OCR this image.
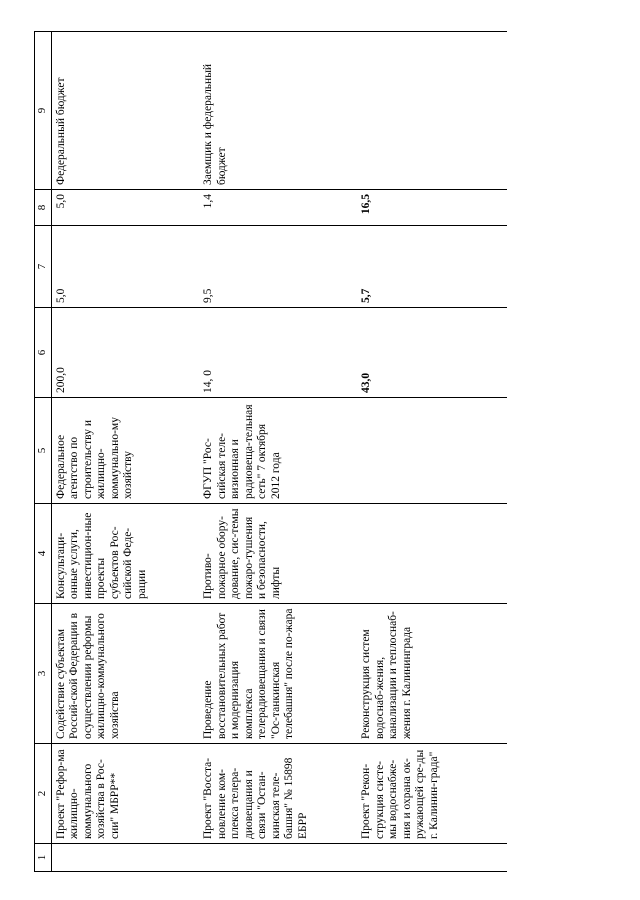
1	2	3	4	5	6	7	8	9
	Проект "Рефор-ма жилищно-коммунального хозяйства в Рос-сии" МБРР**	Содействие субъектам Россий-ской Федерации в осуществлении реформы жилищно-коммунального хозяйства	Консультаци-онные услуги, инвестицион-ные проекты субъектов Рос-сийской Феде-рации	Федеральное агентство по строительству и жилищно-коммунально-му хозяйству	200,0	5,0	5,0	Федеральный бюджет
	Проект "Восста-новление ком-плекса телера-диовещания и связи "Остан-кинская теле-башня" № 15898 ЕБРР	Проведение восстановительных работ и модернизация комплекса телерадиовещания и связи "Ос-танкинская телебашня" после по-жара	Противо-пожарное обору-дование, сис-темы пожаро-тушения и безопасности, лифты	ФГУП "Рос-сийская теле-визионная и радиовеща-тельная сеть" 7 октября 2012 года	14, 0	9,5	1,4	Заемщик и федеральный бюджет
	Проект "Рекон-струкция систе-мы водоснабже-ния и охрана ок-ружающей сре-ды г. Калинин-града"	Реконструкция систем водоснаб-жения, канализации и теплоснаб-жения г. Калининграда			43,0	5,7	16,5	
